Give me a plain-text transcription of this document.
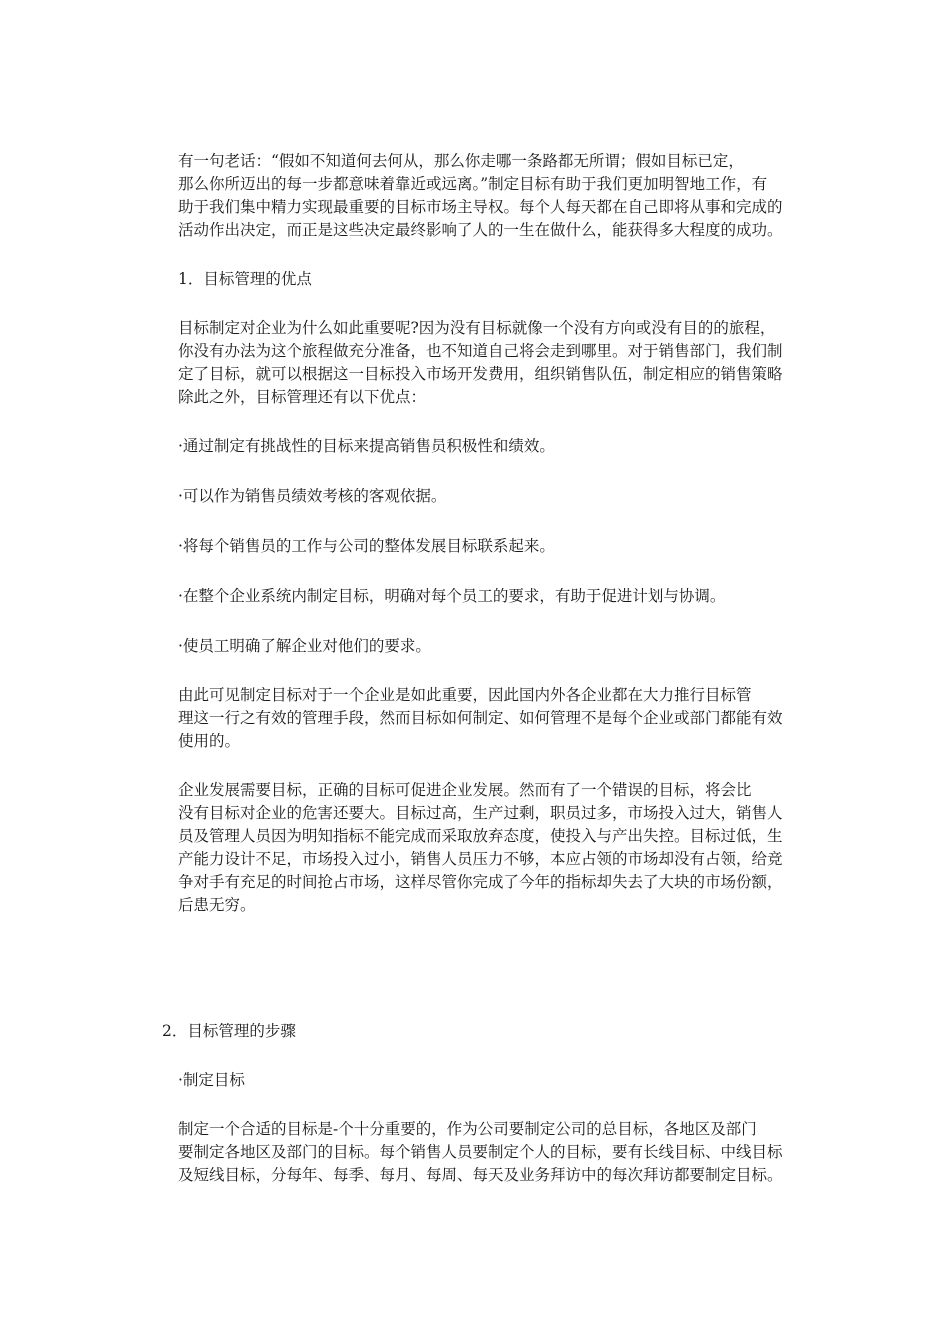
有一句老话：“假如不知道何去何从，那么你走哪一条路都无所谓；假如目标已定，
那么你所迈出的每一步都意味着靠近或远离。”制定目标有助于我们更加明智地工作，有
助于我们集中精力实现最重要的目标市场主导权。每个人每天都在自己即将从事和完成的
活动作出决定，而正是这些决定最终影响了人的一生在做什么，能获得多大程度的成功。

1．目标管理的优点

目标制定对企业为什么如此重要呢?因为没有目标就像一个没有方向或没有目的的旅程，
你没有办法为这个旅程做充分准备，也不知道自己将会走到哪里。对于销售部门，我们制
定了目标，就可以根据这一目标投入市场开发费用，组织销售队伍，制定相应的销售策略
除此之外，目标管理还有以下优点：

·通过制定有挑战性的目标来提高销售员积极性和绩效。

·可以作为销售员绩效考核的客观依据。

·将每个销售员的工作与公司的整体发展目标联系起来。

·在整个企业系统内制定目标，明确对每个员工的要求，有助于促进计划与协调。

·使员工明确了解企业对他们的要求。

由此可见制定目标对于一个企业是如此重要，因此国内外各企业都在大力推行目标管
理这一行之有效的管理手段，然而目标如何制定、如何管理不是每个企业或部门都能有效
使用的。

企业发展需要目标，正确的目标可促进企业发展。然而有了一个错误的目标，将会比
没有目标对企业的危害还要大。目标过高，生产过剩，职员过多，市场投入过大，销售人
员及管理人员因为明知指标不能完成而采取放弃态度，使投入与产出失控。目标过低，生
产能力设计不足，市场投入过小，销售人员压力不够，本应占领的市场却没有占领，给竞
争对手有充足的时间抢占市场，这样尽管你完成了今年的指标却失去了大块的市场份额，
后患无穷。

2．目标管理的步骤

·制定目标

制定一个合适的目标是-个十分重要的，作为公司要制定公司的总目标，各地区及部门
要制定各地区及部门的目标。每个销售人员要制定个人的目标，要有长线目标、中线目标
及短线目标，分每年、每季、每月、每周、每天及业务拜访中的每次拜访都要制定目标。
